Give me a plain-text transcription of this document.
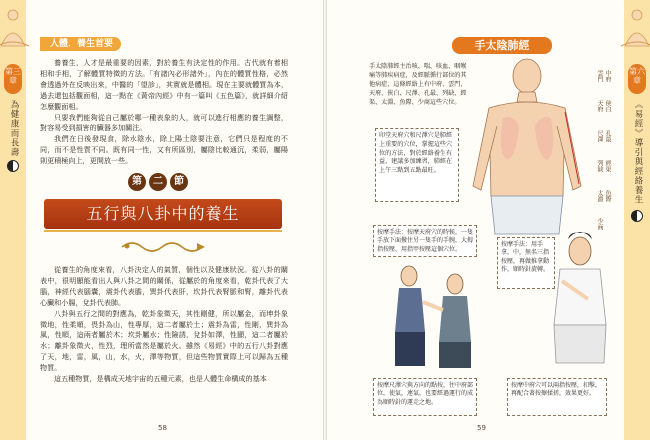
第三章
為健康而長壽
人體．養生首要

養養生，人才是最重要的因素，對於養生有決定性的作用。古代就有着相相和手相，了解體質特徵的方法。「有諸內必形諸外」，內在的體質性格，必然會透過外在反映出來，中醫的「望診」，其實就是體相。現在主要就體質為本，過去還包括觀面相，這一點在《黃帝內經》中有一篇叫《五色篇》，就詳細介紹怎麼觀面相。

只要我們能夠從自己屬於哪一種表象的人，就可以進行相應的養生調整，對容易受到損害的臟器多加關注。

我們在日後發現食，除水陰水，除上陽土陰要注意，它們只是程度的不同，而不是性質不同。既有同一性，又有所區別，屬陰比較通沉，柔弱，屬陽則更積極向上，更開放一些。

第	二	節
五行與八卦中的養生

從養生的角度來看，八卦決定人的氣質，個性以及健康狀況。從八卦的關表中，很明顯能看出人與八卦之間的關係，從屬於的角度來看，乾卦代表了大腦，神經代表腦囊，震卦代表膽，巽卦代表肝，坎卦代表腎脈和腎，離卦代表心臟和小腸，兌卦代表肺。

八卦與五行之間的對應為，乾卦象徵天，其性剛健，所以屬金，而坤卦象徵地，性柔順，畏卦為山，性專厚，這二者屬於土；震卦為雷，性剛，巽卦為風，性順，這兩者屬於木；坎卦屬水；性險誘，兌卦如澤，性顯，這二者屬於水；離卦象徵火，性烈，理所當然是屬於火。雖然《易經》中的五行八卦對應了天，地，雷，風，山，水，火，澤等物質，但這些物質實際上可以歸為五種物質。

這五種物質，是構成天地宇宙的五種元素，也是人體生命構成的基本

58
第六章
《易經》導引與經絡養生
手太陰肺經
手太陰肺經主治咳、喘、咳血、咽喉痛等肺疾病症，及經脈循行部位的其他病症，這條經絡上有中府、雲門、天府、俠白、尺澤、孔最、列缺、經渠、太淵、魚際、少商這些穴位。
印堂天府穴和尺澤穴是肺經上重要的穴位，掌握這些穴位的方法，對於經絡養生有益，建議多加練習，肺經在上午三點到五點最旺。
雲門 中府
天府 俠白
尺澤 孔最
列缺 經渠
太淵 魚際
少商
按摩手法：按摩天府穴的時候，一隻手放下面撥住另一隻手的手腕，大拇指按壓，用指甲按壓這個穴位。
按摩尺澤穴與方向的點按，往中府部位，使氣，連氣，也要經過運行的成為順時針的運走之地。
按摩手法：用手拿，中，無名三指按壓，再做推拿動作，順時針旋轉。
按摩中府穴可以兩指按壓，扣擊，再配合著按擦揉搓，效果更好。
59
